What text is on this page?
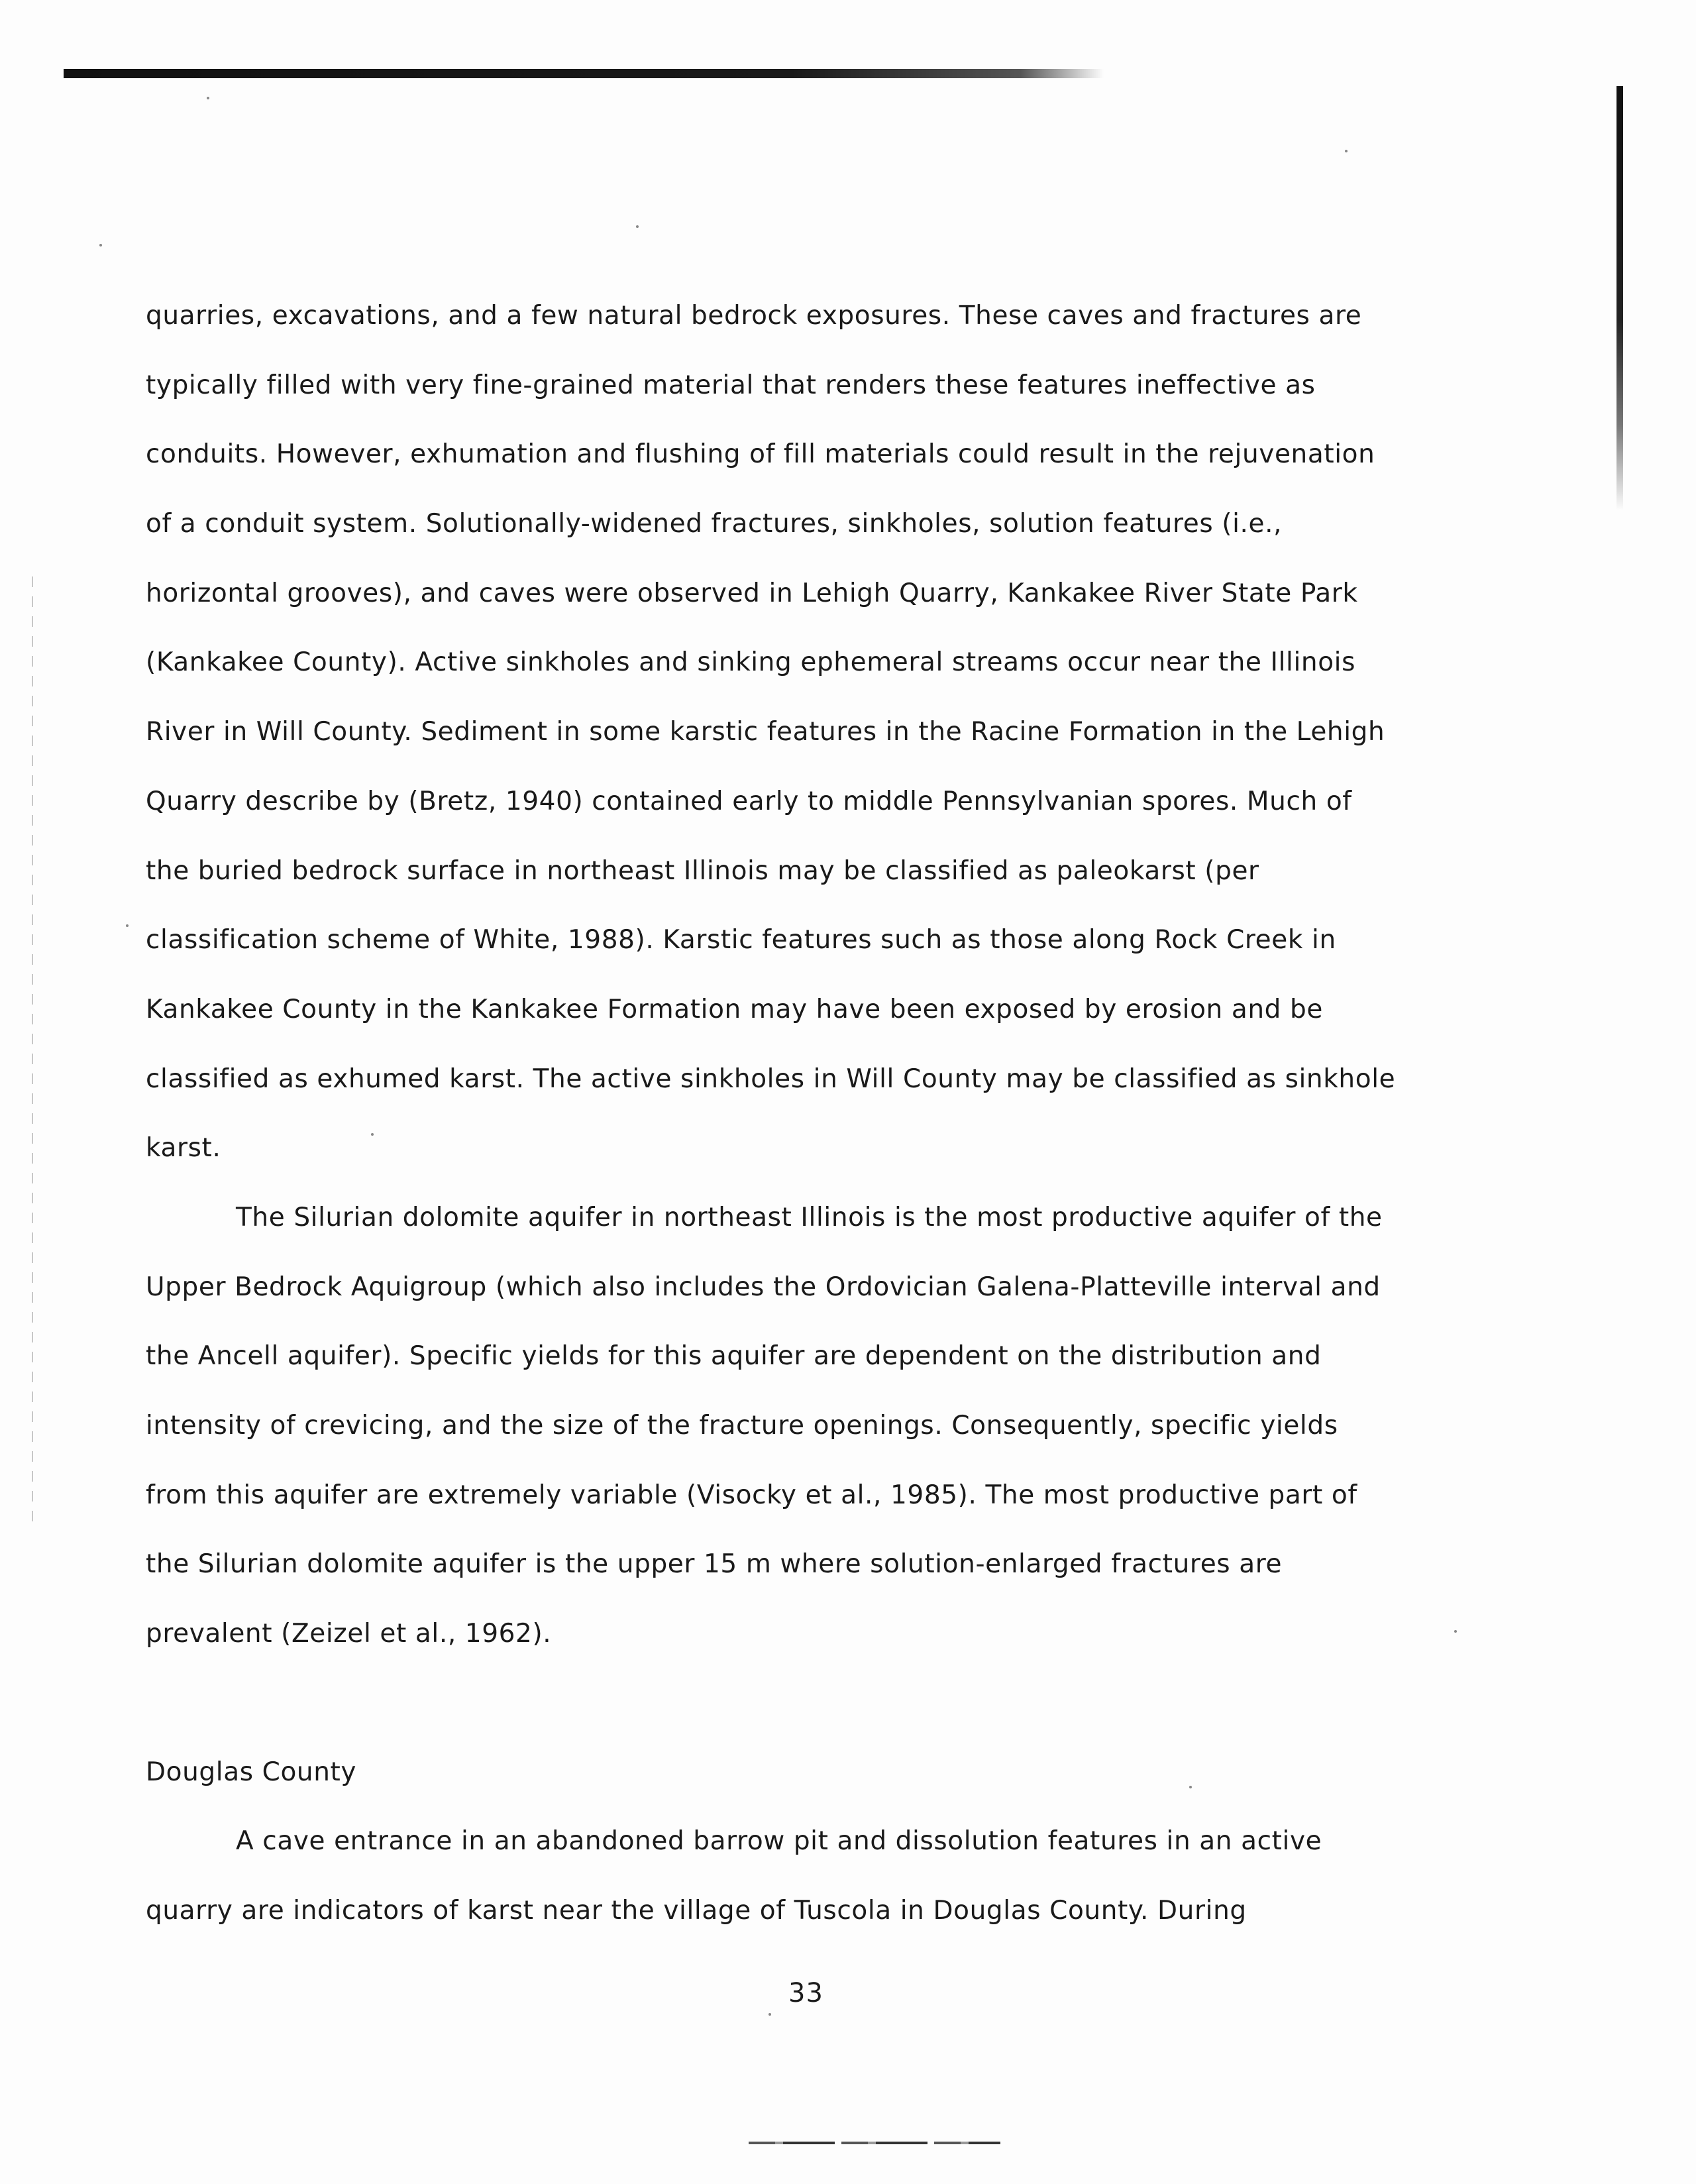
quarries, excavations, and a few natural bedrock exposures. These caves and fractures are
typically filled with very fine-grained material that renders these features ineffective as
conduits. However, exhumation and flushing of fill materials could result in the rejuvenation
of a conduit system. Solutionally-widened fractures, sinkholes, solution features (i.e.,
horizontal grooves), and caves were observed in Lehigh Quarry, Kankakee River State Park
(Kankakee County). Active sinkholes and sinking ephemeral streams occur near the Illinois
River in Will County. Sediment in some karstic features in the Racine Formation in the Lehigh
Quarry describe by (Bretz, 1940) contained early to middle Pennsylvanian spores. Much of
the buried bedrock surface in northeast Illinois may be classified as paleokarst (per
classification scheme of White, 1988). Karstic features such as those along Rock Creek in
Kankakee County in the Kankakee Formation may have been exposed by erosion and be
classified as exhumed karst. The active sinkholes in Will County may be classified as sinkhole
karst.
The Silurian dolomite aquifer in northeast Illinois is the most productive aquifer of the
Upper Bedrock Aquigroup (which also includes the Ordovician Galena-Platteville interval and
the Ancell aquifer). Specific yields for this aquifer are dependent on the distribution and
intensity of crevicing, and the size of the fracture openings. Consequently, specific yields
from this aquifer are extremely variable (Visocky et al., 1985). The most productive part of
the Silurian dolomite aquifer is the upper 15 m where solution-enlarged fractures are
prevalent (Zeizel et al., 1962).
Douglas County
A cave entrance in an abandoned barrow pit and dissolution features in an active
quarry are indicators of karst near the village of Tuscola in Douglas County. During
33
